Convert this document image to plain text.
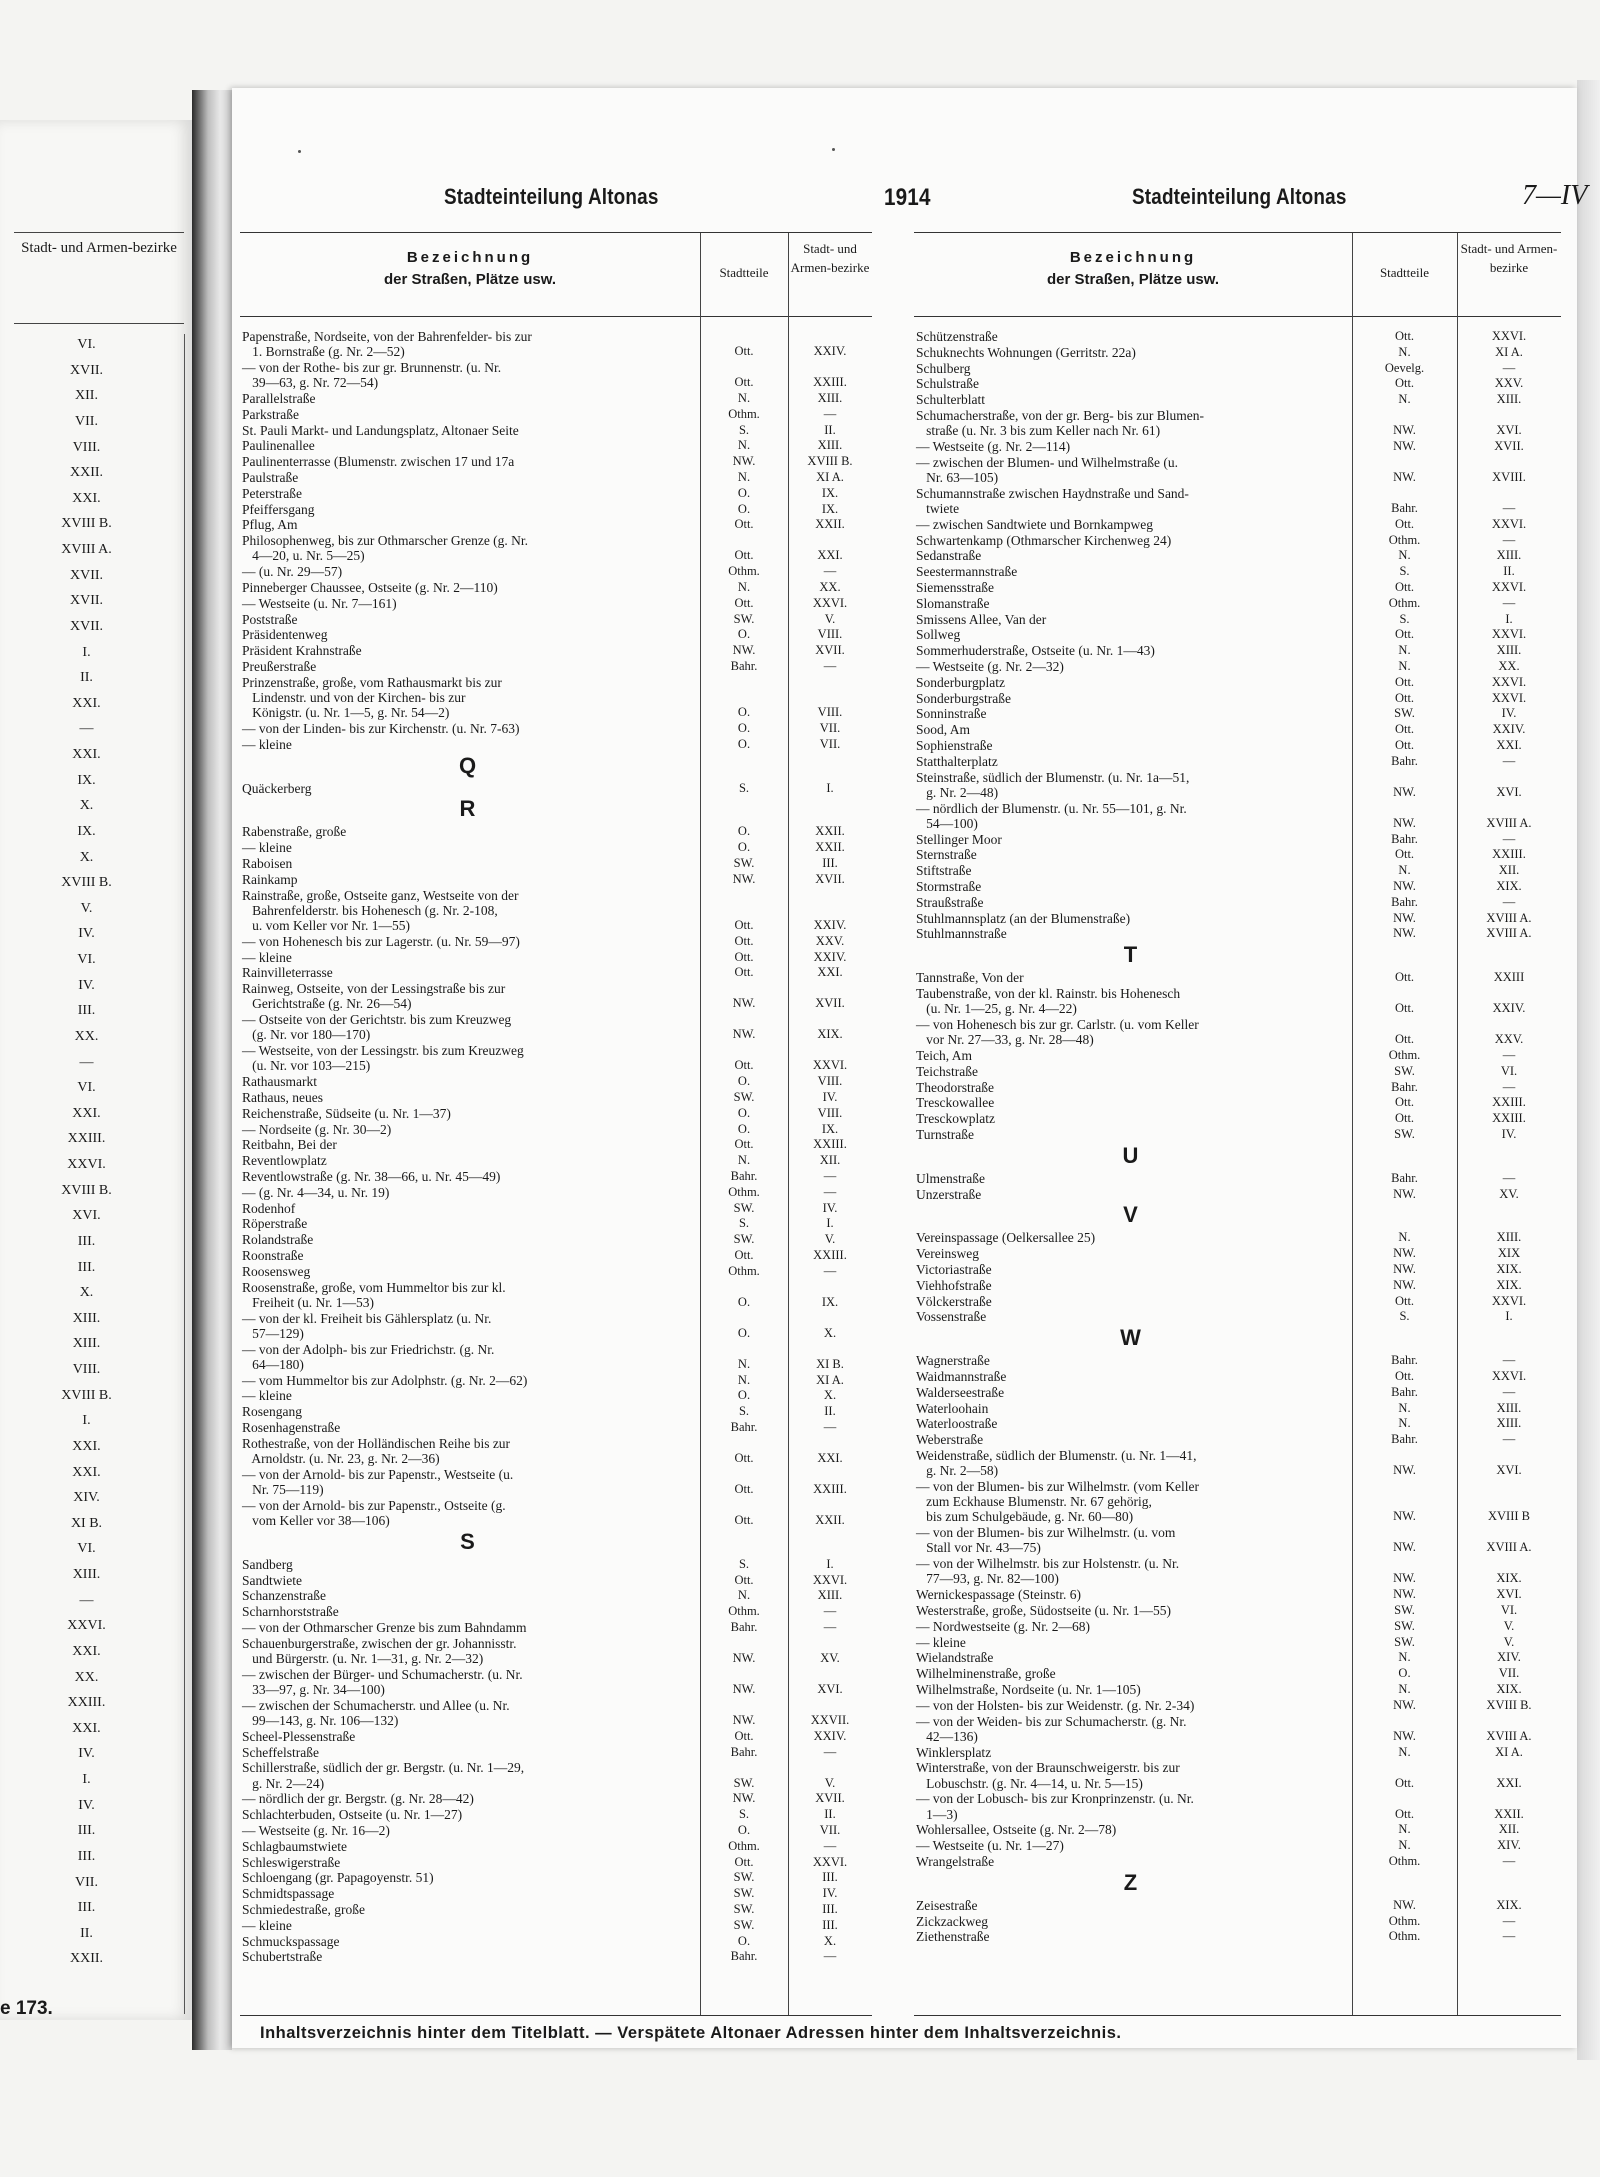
Stadt- und Armen-bezirke
VI.
XVII.
XII.
VII.
VIII.
XXII.
XXI.
XVIII B.
XVIII A.
XVII.
XVII.
XVII.
I.
II.
XXI.
—
XXI.
IX.
X.
IX.
X.
XVIII B.
V.
IV.
VI.
IV.
III.
XX.
—
VI.
XXI.
XXIII.
XXVI.
XVIII B.
XVI.
III.
III.
X.
XIII.
XIII.
VIII.
XVIII B.
I.
XXI.
XXI.
XIV.
XI B.
VI.
XIII.
—
XXVI.
XXI.
XX.
XXIII.
XXI.
IV.
I.
IV.
III.
III.
VII.
III.
II.
XXII.
e 173.
Stadteinteilung Altonas	1914	Stadteinteilung Altonas	7—IV
Bezeichnung
der Straßen, Plätze usw.	Stadtteile
Stadt- und Armen-bezirke
Papenstraße, Nordseite, von der Bahrenfelder- bis zur
1. Bornstraße (g. Nr. 2—52)	Ott.	XXIV.
— von der Rothe- bis zur gr. Brunnenstr. (u. Nr.
39—63, g. Nr. 72—54)	Ott.	XXIII.
Parallelstraße	N.	XIII.
Parkstraße	Othm.	—
St. Pauli Markt- und Landungsplatz, Altonaer Seite	S.	II.
Paulinenallee	N.	XIII.
Paulinenterrasse (Blumenstr. zwischen 17 und 17a	NW.	XVIII B.
Paulstraße	N.	XI A.
Peterstraße	O.	IX.
Pfeiffersgang	O.	IX.
Pflug, Am	Ott.	XXII.
Philosophenweg, bis zur Othmarscher Grenze (g. Nr.
4—20, u. Nr. 5—25)	Ott.	XXI.
— (u. Nr. 29—57)	Othm.	—
Pinneberger Chaussee, Ostseite (g. Nr. 2—110)	N.	XX.
— Westseite (u. Nr. 7—161)	Ott.	XXVI.
Poststraße	SW.	V.
Präsidentenweg	O.	VIII.
Präsident Krahnstraße	NW.	XVII.
Preußerstraße	Bahr.	—
Prinzenstraße, große, vom Rathausmarkt bis zur
Lindenstr. und von der Kirchen- bis zur
Königstr. (u. Nr. 1—5, g. Nr. 54—2)	O.	VIII.
— von der Linden- bis zur Kirchenstr. (u. Nr. 7-63)	O.	VII.
— kleine	O.	VII.
Q
Quäckerberg	S.	I.
R
Rabenstraße, große	O.	XXII.
— kleine	O.	XXII.
Raboisen	SW.	III.
Rainkamp	NW.	XVII.
Rainstraße, große, Ostseite ganz, Westseite von der
Bahrenfelderstr. bis Hohenesch (g. Nr. 2-108,
u. vom Keller vor Nr. 1—55)	Ott.	XXIV.
— von Hohenesch bis zur Lagerstr. (u. Nr. 59—97)	Ott.	XXV.
— kleine	Ott.	XXIV.
Rainvilleterrasse	Ott.	XXI.
Rainweg, Ostseite, von der Lessingstraße bis zur
Gerichtstraße (g. Nr. 26—54)	NW.	XVII.
— Ostseite von der Gerichtstr. bis zum Kreuzweg
(g. Nr. vor 180—170)	NW.	XIX.
— Westseite, von der Lessingstr. bis zum Kreuzweg
(u. Nr. vor 103—215)	Ott.	XXVI.
Rathausmarkt	O.	VIII.
Rathaus, neues	SW.	IV.
Reichenstraße, Südseite (u. Nr. 1—37)	O.	VIII.
— Nordseite (g. Nr. 30—2)	O.	IX.
Reitbahn, Bei der	Ott.	XXIII.
Reventlowplatz	N.	XII.
Reventlowstraße (g. Nr. 38—66, u. Nr. 45—49)	Bahr.	—
— (g. Nr. 4—34, u. Nr. 19)	Othm.	—
Rodenhof	SW.	IV.
Röperstraße	S.	I.
Rolandstraße	SW.	V.
Roonstraße	Ott.	XXIII.
Roosensweg	Othm.	—
Roosenstraße, große, vom Hummeltor bis zur kl.
Freiheit (u. Nr. 1—53)	O.	IX.
— von der kl. Freiheit bis Gählersplatz (u. Nr.
57—129)	O.	X.
— von der Adolph- bis zur Friedrichstr. (g. Nr.
64—180)	N.	XI B.
— vom Hummeltor bis zur Adolphstr. (g. Nr. 2—62)	N.	XI A.
— kleine	O.	X.
Rosengang	S.	II.
Rosenhagenstraße	Bahr.	—
Rothestraße, von der Holländischen Reihe bis zur
Arnoldstr. (u. Nr. 23, g. Nr. 2—36)	Ott.	XXI.
— von der Arnold- bis zur Papenstr., Westseite (u.
Nr. 75—119)	Ott.	XXIII.
— von der Arnold- bis zur Papenstr., Ostseite (g.
vom Keller vor 38—106)	Ott.	XXII.
S
Sandberg	S.	I.
Sandtwiete	Ott.	XXVI.
Schanzenstraße	N.	XIII.
Scharnhorststraße	Othm.	—
— von der Othmarscher Grenze bis zum Bahndamm	Bahr.	—
Schauenburgerstraße, zwischen der gr. Johannisstr.
und Bürgerstr. (u. Nr. 1—31, g. Nr. 2—32)	NW.	XV.
— zwischen der Bürger- und Schumacherstr. (u. Nr.
33—97, g. Nr. 34—100)	NW.	XVI.
— zwischen der Schumacherstr. und Allee (u. Nr.
99—143, g. Nr. 106—132)	NW.	XXVII.
Scheel-Plessenstraße	Ott.	XXIV.
Scheffelstraße	Bahr.	—
Schillerstraße, südlich der gr. Bergstr. (u. Nr. 1—29,
g. Nr. 2—24)	SW.	V.
— nördlich der gr. Bergstr. (g. Nr. 28—42)	NW.	XVII.
Schlachterbuden, Ostseite (u. Nr. 1—27)	S.	II.
— Westseite (g. Nr. 16—2)	O.	VII.
Schlagbaumstwiete	Othm.	—
Schleswigerstraße	Ott.	XXVI.
Schloengang (gr. Papagoyenstr. 51)	SW.	III.
Schmidtspassage	SW.	IV.
Schmiedestraße, große	SW.	III.
— kleine	SW.	III.
Schmuckspassage	O.	X.
Schubertstraße	Bahr.	—
Bezeichnung
der Straßen, Plätze usw.	Stadtteile
Stadt- und Armen-bezirke
Schützenstraße	Ott.	XXVI.
Schuknechts Wohnungen (Gerritstr. 22a)	N.	XI A.
Schulberg	Oevelg.	—
Schulstraße	Ott.	XXV.
Schulterblatt	N.	XIII.
Schumacherstraße, von der gr. Berg- bis zur Blumen-
straße (u. Nr. 3 bis zum Keller nach Nr. 61)	NW.	XVI.
— Westseite (g. Nr. 2—114)	NW.	XVII.
— zwischen der Blumen- und Wilhelmstraße (u.
Nr. 63—105)	NW.	XVIII.
Schumannstraße zwischen Haydnstraße und Sand-
twiete	Bahr.	—
— zwischen Sandtwiete und Bornkampweg	Ott.	XXVI.
Schwartenkamp (Othmarscher Kirchenweg 24)	Othm.	—
Sedanstraße	N.	XIII.
Seestermannstraße	S.	II.
Siemensstraße	Ott.	XXVI.
Slomanstraße	Othm.	—
Smissens Allee, Van der	S.	I.
Sollweg	Ott.	XXVI.
Sommerhuderstraße, Ostseite (u. Nr. 1—43)	N.	XIII.
— Westseite (g. Nr. 2—32)	N.	XX.
Sonderburgplatz	Ott.	XXVI.
Sonderburgstraße	Ott.	XXVI.
Sonninstraße	SW.	IV.
Sood, Am	Ott.	XXIV.
Sophienstraße	Ott.	XXI.
Statthalterplatz	Bahr.	—
Steinstraße, südlich der Blumenstr. (u. Nr. 1a—51,
g. Nr. 2—48)	NW.	XVI.
— nördlich der Blumenstr. (u. Nr. 55—101, g. Nr.
54—100)	NW.	XVIII A.
Stellinger Moor	Bahr.	—
Sternstraße	Ott.	XXIII.
Stiftstraße	N.	XII.
Stormstraße	NW.	XIX.
Straußstraße	Bahr.	—
Stuhlmannsplatz (an der Blumenstraße)	NW.	XVIII A.
Stuhlmannstraße	NW.	XVIII A.
T
Tannstraße, Von der	Ott.	XXIII
Taubenstraße, von der kl. Rainstr. bis Hohenesch
(u. Nr. 1—25, g. Nr. 4—22)	Ott.	XXIV.
— von Hohenesch bis zur gr. Carlstr. (u. vom Keller
vor Nr. 27—33, g. Nr. 28—48)	Ott.	XXV.
Teich, Am	Othm.	—
Teichstraße	SW.	VI.
Theodorstraße	Bahr.	—
Tresckowallee	Ott.	XXIII.
Tresckowplatz	Ott.	XXIII.
Turnstraße	SW.	IV.
U
Ulmenstraße	Bahr.	—
Unzerstraße	NW.	XV.
V
Vereinspassage (Oelkersallee 25)	N.	XIII.
Vereinsweg	NW.	XIX
Victoriastraße	NW.	XIX.
Viehhofstraße	NW.	XIX.
Völckerstraße	Ott.	XXVI.
Vossenstraße	S.	I.
W
Wagnerstraße	Bahr.	—
Waidmannstraße	Ott.	XXVI.
Walderseestraße	Bahr.	—
Waterloohain	N.	XIII.
Waterloostraße	N.	XIII.
Weberstraße	Bahr.	—
Weidenstraße, südlich der Blumenstr. (u. Nr. 1—41,
g. Nr. 2—58)	NW.	XVI.
— von der Blumen- bis zur Wilhelmstr. (vom Keller
zum Eckhause Blumenstr. Nr. 67 gehörig,
bis zum Schulgebäude, g. Nr. 60—80)	NW.	XVIII B
— von der Blumen- bis zur Wilhelmstr. (u. vom
Stall vor Nr. 43—75)	NW.	XVIII A.
— von der Wilhelmstr. bis zur Holstenstr. (u. Nr.
77—93, g. Nr. 82—100)	NW.	XIX.
Wernickespassage (Steinstr. 6)	NW.	XVI.
Westerstraße, große, Südostseite (u. Nr. 1—55)	SW.	VI.
— Nordwestseite (g. Nr. 2—68)	SW.	V.
— kleine	SW.	V.
Wielandstraße	N.	XIV.
Wilhelminenstraße, große	O.	VII.
Wilhelmstraße, Nordseite (u. Nr. 1—105)	N.	XIX.
— von der Holsten- bis zur Weidenstr. (g. Nr. 2-34)	NW.	XVIII B.
— von der Weiden- bis zur Schumacherstr. (g. Nr.
42—136)	NW.	XVIII A.
Winklersplatz	N.	XI A.
Winterstraße, von der Braunschweigerstr. bis zur
Lobuschstr. (g. Nr. 4—14, u. Nr. 5—15)	Ott.	XXI.
— von der Lobusch- bis zur Kronprinzenstr. (u. Nr.
1—3)	Ott.	XXII.
Wohlersallee, Ostseite (g. Nr. 2—78)	N.	XII.
— Westseite (u. Nr. 1—27)	N.	XIV.
Wrangelstraße	Othm.	—
Z
Zeisestraße	NW.	XIX.
Zickzackweg	Othm.	—
Ziethenstraße	Othm.	—
Inhaltsverzeichnis hinter dem Titelblatt. — Verspätete Altonaer Adressen hinter dem Inhaltsverzeichnis.
